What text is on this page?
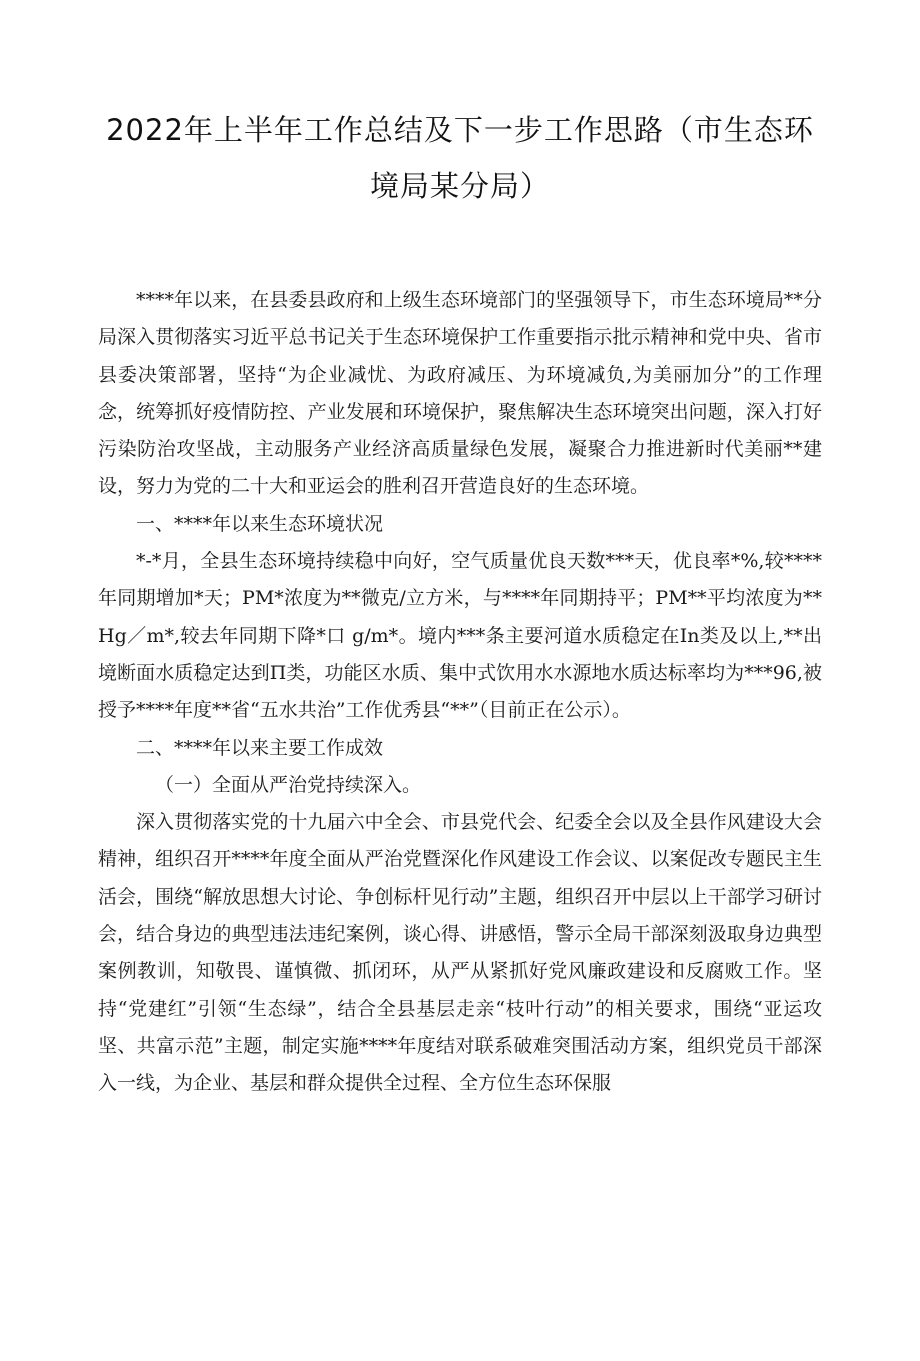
2022年上半年工作总结及下一步工作思路（市生态环
境局某分局）

****年以来，在县委县政府和上级生态环境部门的坚强领导下，市生态环境局**分局深入贯彻落实习近平总书记关于生态环境保护工作重要指示批示精神和党中央、省市县委决策部署，坚持“为企业减忧、为政府减压、为环境减负,为美丽加分”的工作理念，统筹抓好疫情防控、产业发展和环境保护，聚焦解决生态环境突出问题，深入打好污染防治攻坚战，主动服务产业经济高质量绿色发展，凝聚合力推进新时代美丽**建设，努力为党的二十大和亚运会的胜利召开营造良好的生态环境。

一、****年以来生态环境状况

*-*月，全县生态环境持续稳中向好，空气质量优良天数***天，优良率*%,较****年同期增加*天；PM*浓度为**微克/立方米，与****年同期持平；PM**平均浓度为**Hg／m*,较去年同期下降*口 g/m*。境内***条主要河道水质稳定在In类及以上,**出境断面水质稳定达到Π类，功能区水质、集中式饮用水水源地水质达标率均为***96,被授予****年度**省“五水共治”工作优秀县“**”（目前正在公示）。

二、****年以来主要工作成效

（一）全面从严治党持续深入。

深入贯彻落实党的十九届六中全会、市县党代会、纪委全会以及全县作风建设大会精神，组织召开****年度全面从严治党暨深化作风建设工作会议、以案促改专题民主生活会，围绕“解放思想大讨论、争创标杆见行动”主题，组织召开中层以上干部学习研讨会，结合身边的典型违法违纪案例，谈心得、讲感悟，警示全局干部深刻汲取身边典型案例教训，知敬畏、谨慎微、抓闭环，从严从紧抓好党风廉政建设和反腐败工作。坚持“党建红”引领“生态绿”，结合全县基层走亲“枝叶行动”的相关要求，围绕“亚运攻坚、共富示范”主题，制定实施****年度结对联系破难突围活动方案，组织党员干部深入一线，为企业、基层和群众提供全过程、全方位生态环保服
